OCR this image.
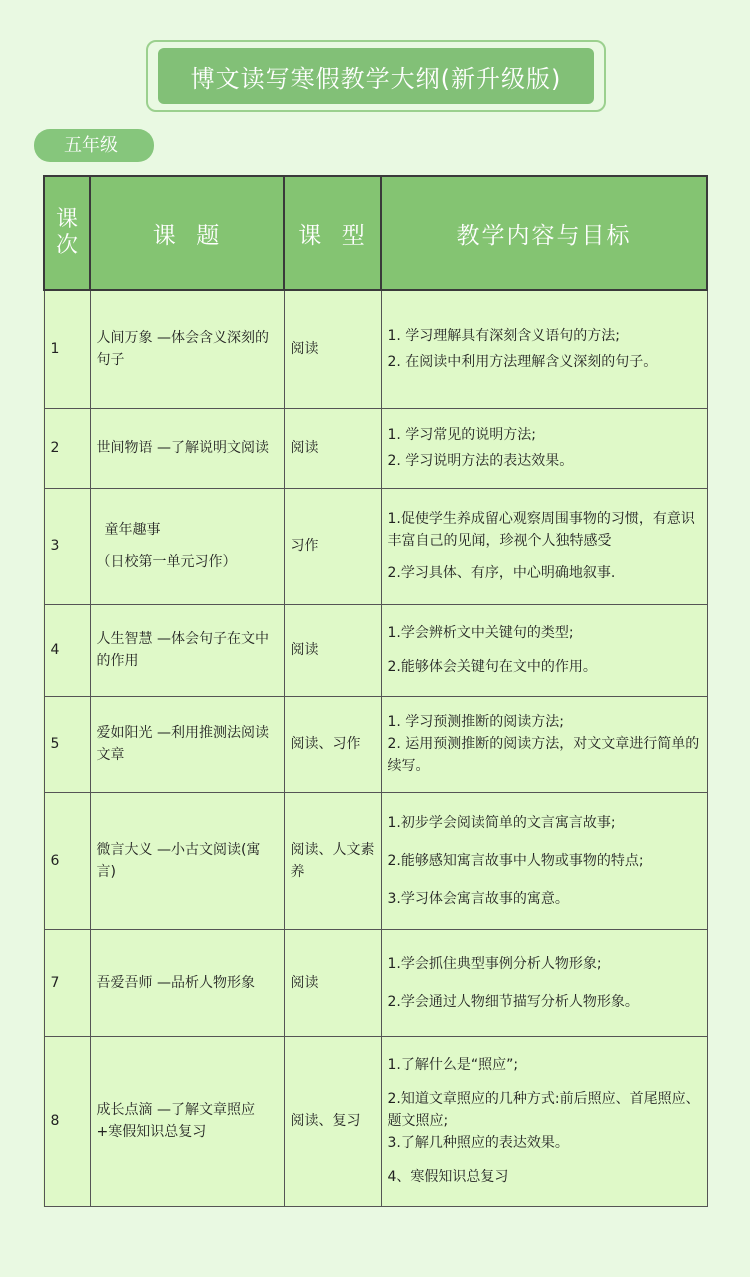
博文读写寒假教学大纲(新升级版)
五年级
课次	课  题	课  型	教学内容与目标
1	人间万象 —体会含义深刻的句子	阅读	1. 学习理解具有深刻含义语句的方法;
2. 在阅读中利用方法理解含义深刻的句子。

2	世间物语 —了解说明文阅读	阅读	1. 学习常见的说明方法;
2. 学习说明方法的表达效果。

3	童年趣事
（日校第一单元习作）	习作	1.促使学生养成留心观察周围事物的习惯，有意识丰富自己的见闻，珍视个人独特感受
2.学习具体、有序，中心明确地叙事.

4	人生智慧 —体会句子在文中的作用	阅读	1.学会辨析文中关键句的类型;
2.能够体会关键句在文中的作用。

5	爱如阳光 —利用推测法阅读文章	阅读、习作	1. 学习预测推断的阅读方法;
2. 运用预测推断的阅读方法，对文文章进行简单的续写。

6	微言大义 —小古文阅读(寓言)	阅读、人文素养	1.初步学会阅读简单的文言寓言故事;
2.能够感知寓言故事中人物或事物的特点;
3.学习体会寓言故事的寓意。

7	吾爱吾师 —品析人物形象	阅读	1.学会抓住典型事例分析人物形象;
2.学会通过人物细节描写分析人物形象。

8	成长点滴 —了解文章照应+寒假知识总复习	阅读、复习	1.了解什么是“照应”;
2.知道文章照应的几种方式:前后照应、首尾照应、题文照应;
3.了解几种照应的表达效果。
4、寒假知识总复习
